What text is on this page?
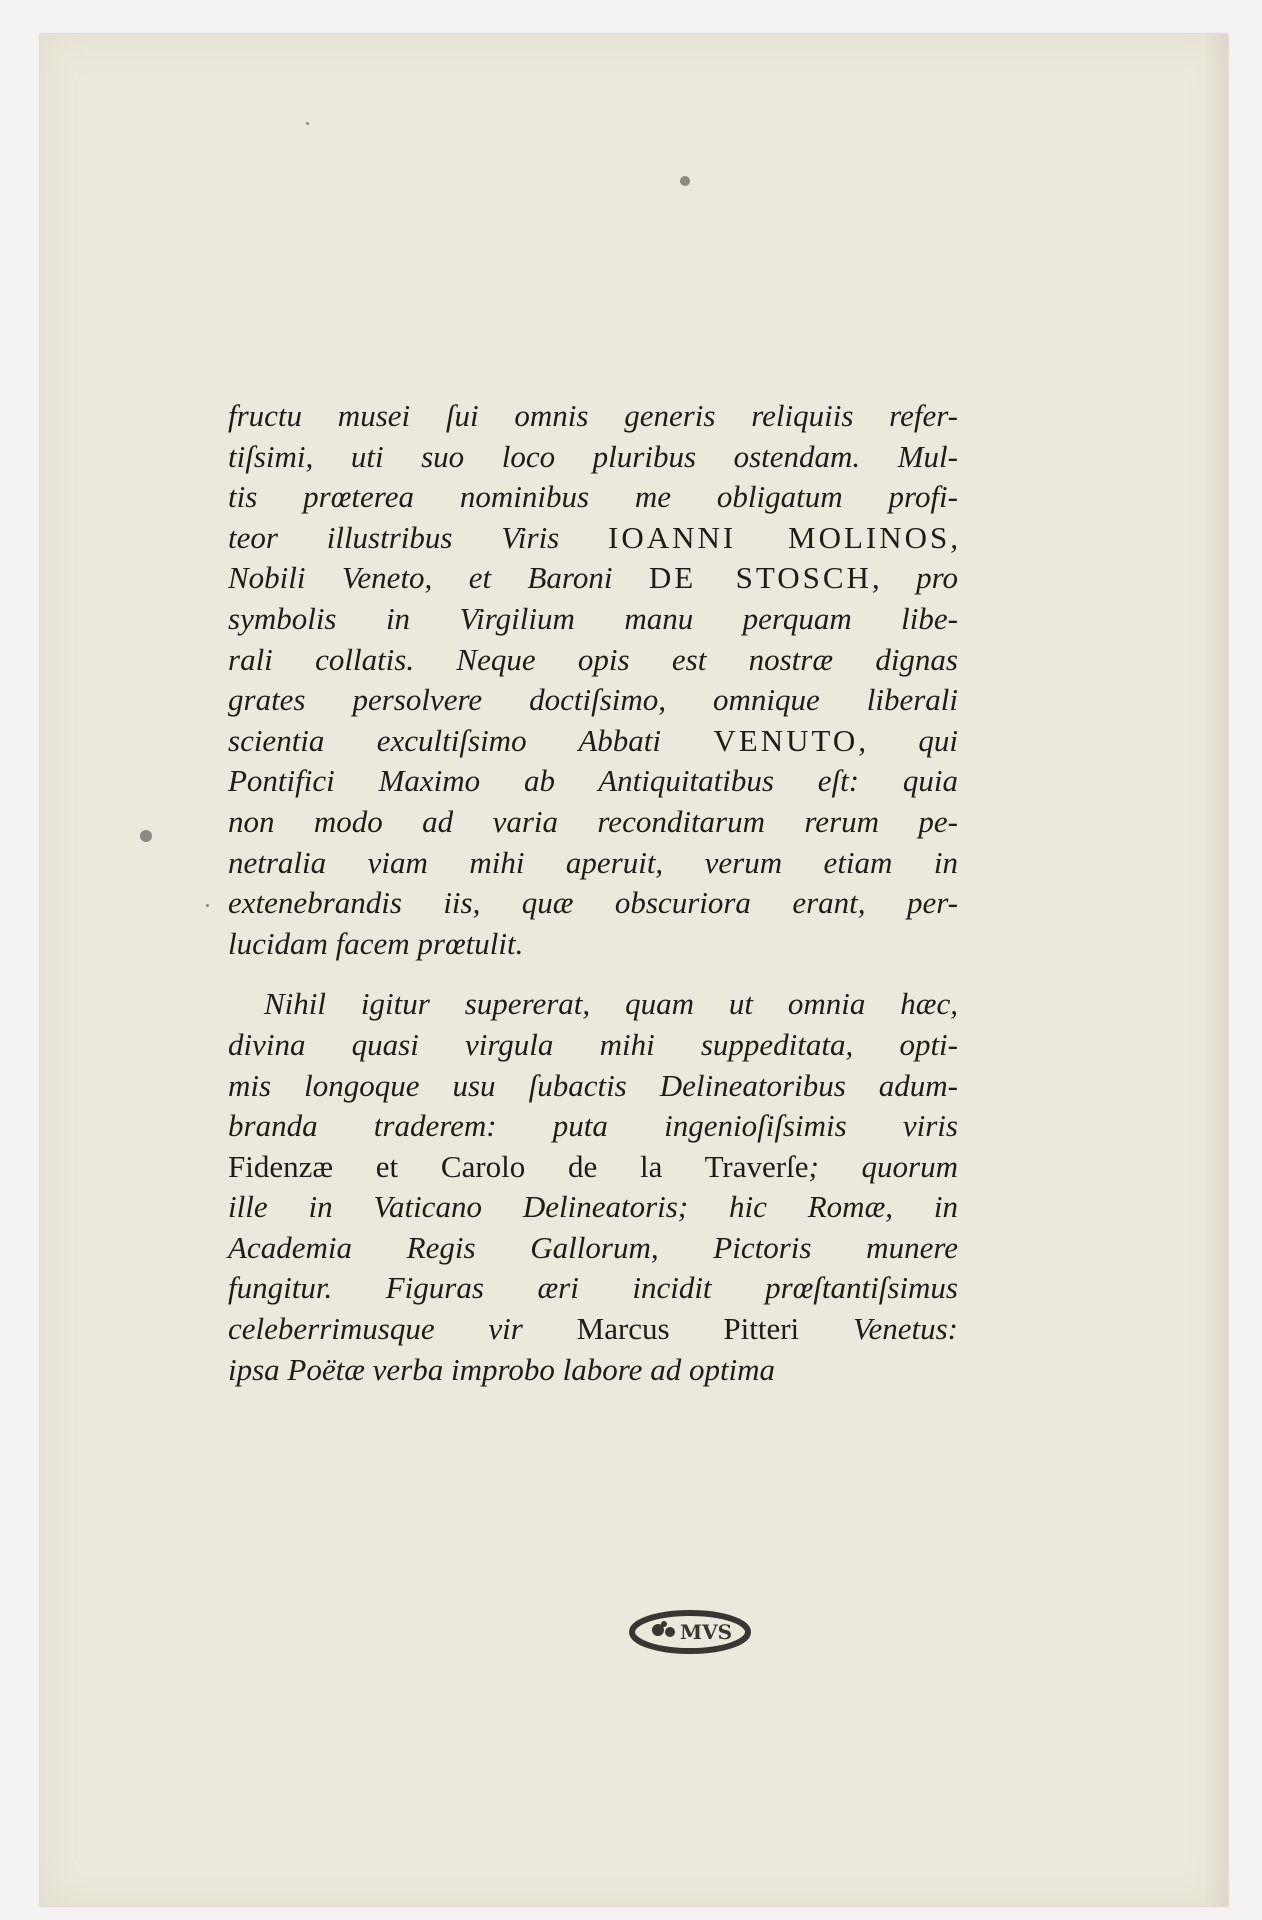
fructu musei ſui omnis generis reliquiis refer-
tiſsimi, uti suo loco pluribus ostendam. Mul-
tis prœterea nominibus me obligatum profi-
teor illustribus Viris IOANNI MOLINOS,
Nobili Veneto, et Baroni DE STOSCH, pro
symbolis in Virgilium manu perquam libe-
rali collatis. Neque opis est nostræ dignas
grates persolvere doctiſsimo, omnique liberali
scientia excultiſsimo Abbati VENUTO, qui
Pontifici Maximo ab Antiquitatibus eſt: quia
non modo ad varia reconditarum rerum pe-
netralia viam mihi aperuit, verum etiam in
extenebrandis iis, quæ obscuriora erant, per-
lucidam facem prœtulit.
Nihil igitur supererat, quam ut omnia hæc,
divina quasi virgula mihi suppeditata, opti-
mis longoque usu ſubactis Delineatoribus adum-
branda traderem: puta ingenioſiſsimis viris
Fidenzæ et Carolo de la Traverſe; quorum
ille in Vaticano Delineatoris; hic Romæ, in
Academia Regis Gallorum, Pictoris munere
fungitur. Figuras æri incidit prœſtantiſsimus
celeberrimusque vir Marcus Pitteri Venetus:
ipsa Poëtæ verba improbo labore ad optima
MVS
